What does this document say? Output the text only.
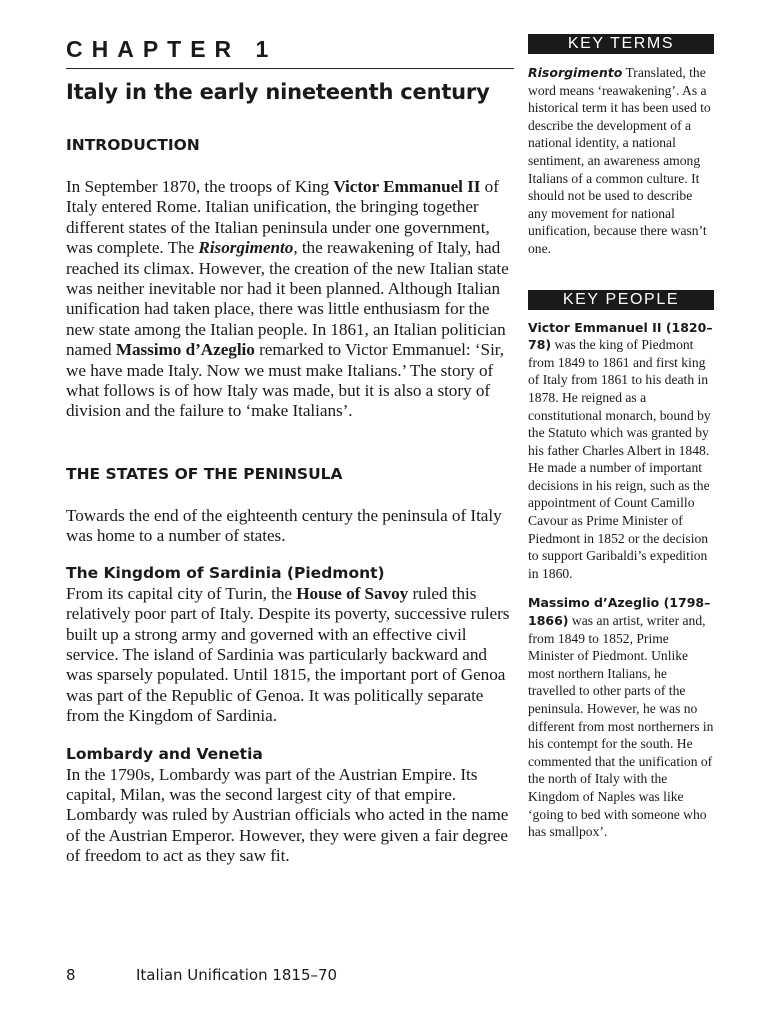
CHAPTER 1
Italy in the early nineteenth century
INTRODUCTION

In September 1870, the troops of King Victor Emmanuel II of Italy entered Rome. Italian unification, the bringing together different states of the Italian peninsula under one government, was complete. The Risorgimento, the reawakening of Italy, had reached its climax. However, the creation of the new Italian state was neither inevitable nor had it been planned. Although Italian unification had taken place, there was little enthusiasm for the new state among the Italian people. In 1861, an Italian politician named Massimo d’Azeglio remarked to Victor Emmanuel: ‘Sir, we have made Italy. Now we must make Italians.’ The story of what follows is of how Italy was made, but it is also a story of division and the failure to ‘make Italians’.

THE STATES OF THE PENINSULA

Towards the end of the eighteenth century the peninsula of Italy was home to a number of states.

The Kingdom of Sardinia (Piedmont)

From its capital city of Turin, the House of Savoy ruled this relatively poor part of Italy. Despite its poverty, successive rulers built up a strong army and governed with an effective civil service. The island of Sardinia was particularly backward and was sparsely populated. Until 1815, the important port of Genoa was part of the Republic of Genoa. It was politically separate from the Kingdom of Sardinia.

Lombardy and Venetia

In the 1790s, Lombardy was part of the Austrian Empire. Its capital, Milan, was the second largest city of that empire. Lombardy was ruled by Austrian officials who acted in the name of the Austrian Emperor. However, they were given a fair degree of freedom to act as they saw fit.

KEY TERMS

Risorgimento Translated, the word means ‘reawakening’. As a historical term it has been used to describe the development of a national identity, a national sentiment, an awareness among Italians of a common culture. It should not be used to describe any movement for national unification, because there wasn’t one.

KEY PEOPLE

Victor Emmanuel II (1820–78) was the king of Piedmont from 1849 to 1861 and first king of Italy from 1861 to his death in 1878. He reigned as a constitutional monarch, bound by the Statuto which was granted by his father Charles Albert in 1848. He made a number of important decisions in his reign, such as the appointment of Count Camillo Cavour as Prime Minister of Piedmont in 1852 or the decision to support Garibaldi’s expedition in 1860.

Massimo d’Azeglio (1798–1866) was an artist, writer and, from 1849 to 1852, Prime Minister of Piedmont. Unlike most northern Italians, he travelled to other parts of the peninsula. However, he was no different from most northerners in his contempt for the south. He commented that the unification of the north of Italy with the Kingdom of Naples was like ‘going to bed with someone who has smallpox’.

8	Italian Unification 1815–70
